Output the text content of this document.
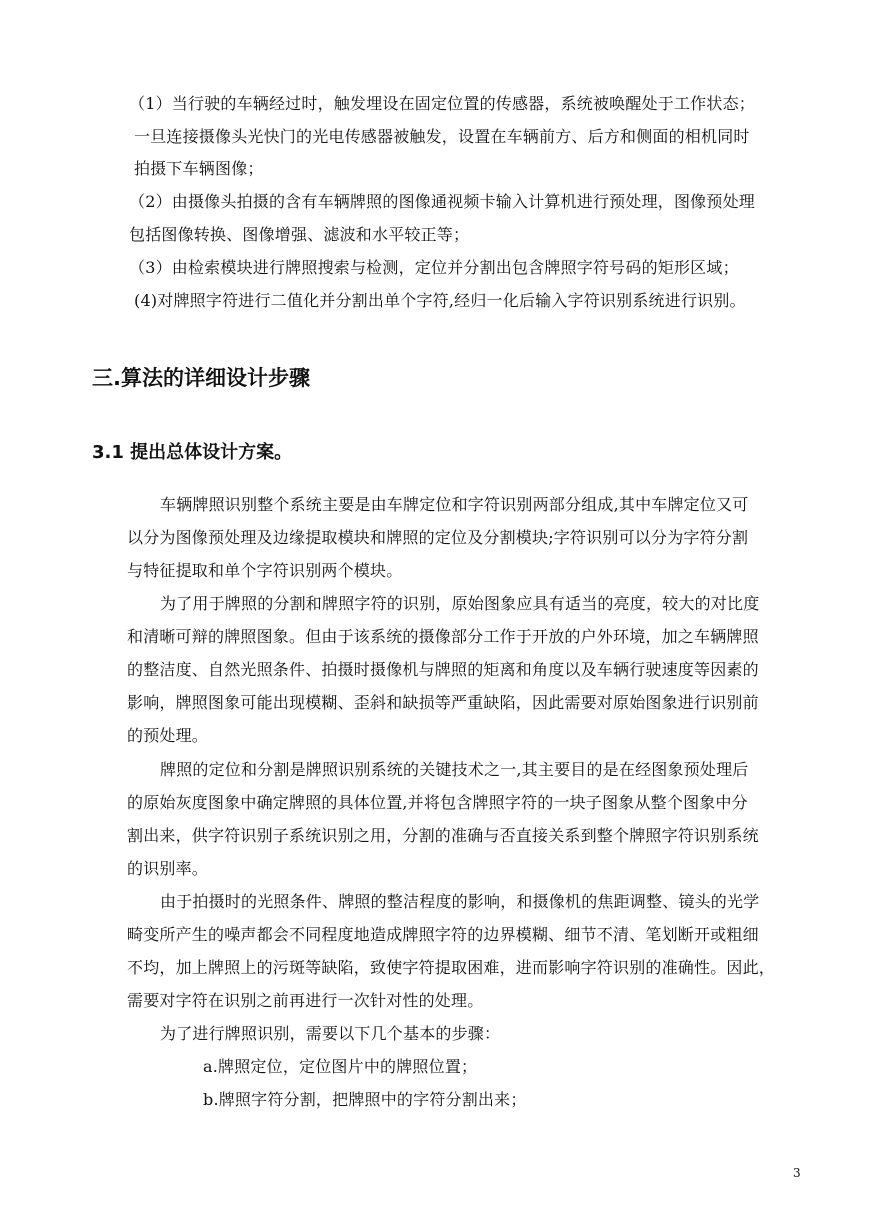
（1）当行驶的车辆经过时，触发埋设在固定位置的传感器，系统被唤醒处于工作状态；
一旦连接摄像头光快门的光电传感器被触发，设置在车辆前方、后方和侧面的相机同时
拍摄下车辆图像；
（2）由摄像头拍摄的含有车辆牌照的图像通视频卡输入计算机进行预处理，图像预处理
包括图像转换、图像增强、滤波和水平较正等；
（3）由检索模块进行牌照搜索与检测，定位并分割出包含牌照字符号码的矩形区域；
(4)对牌照字符进行二值化并分割出单个字符,经归一化后输入字符识别系统进行识别。
三.算法的详细设计步骤
3.1 提出总体设计方案。
车辆牌照识别整个系统主要是由车牌定位和字符识别两部分组成,其中车牌定位又可
以分为图像预处理及边缘提取模块和牌照的定位及分割模块;字符识别可以分为字符分割
与特征提取和单个字符识别两个模块。
为了用于牌照的分割和牌照字符的识别，原始图象应具有适当的亮度，较大的对比度
和清晰可辩的牌照图象。但由于该系统的摄像部分工作于开放的户外环境，加之车辆牌照
的整洁度、自然光照条件、拍摄时摄像机与牌照的矩离和角度以及车辆行驶速度等因素的
影响，牌照图象可能出现模糊、歪斜和缺损等严重缺陷，因此需要对原始图象进行识别前
的预处理。
牌照的定位和分割是牌照识别系统的关键技术之一,其主要目的是在经图象预处理后
的原始灰度图象中确定牌照的具体位置,并将包含牌照字符的一块子图象从整个图象中分
割出来，供字符识别子系统识别之用，分割的准确与否直接关系到整个牌照字符识别系统
的识别率。
由于拍摄时的光照条件、牌照的整洁程度的影响，和摄像机的焦距调整、镜头的光学
畸变所产生的噪声都会不同程度地造成牌照字符的边界模糊、细节不清、笔划断开或粗细
不均，加上牌照上的污斑等缺陷，致使字符提取困难，进而影响字符识别的准确性。因此，
需要对字符在识别之前再进行一次针对性的处理。
为了进行牌照识别，需要以下几个基本的步骤：
a.牌照定位，定位图片中的牌照位置；
b.牌照字符分割，把牌照中的字符分割出来；
3
